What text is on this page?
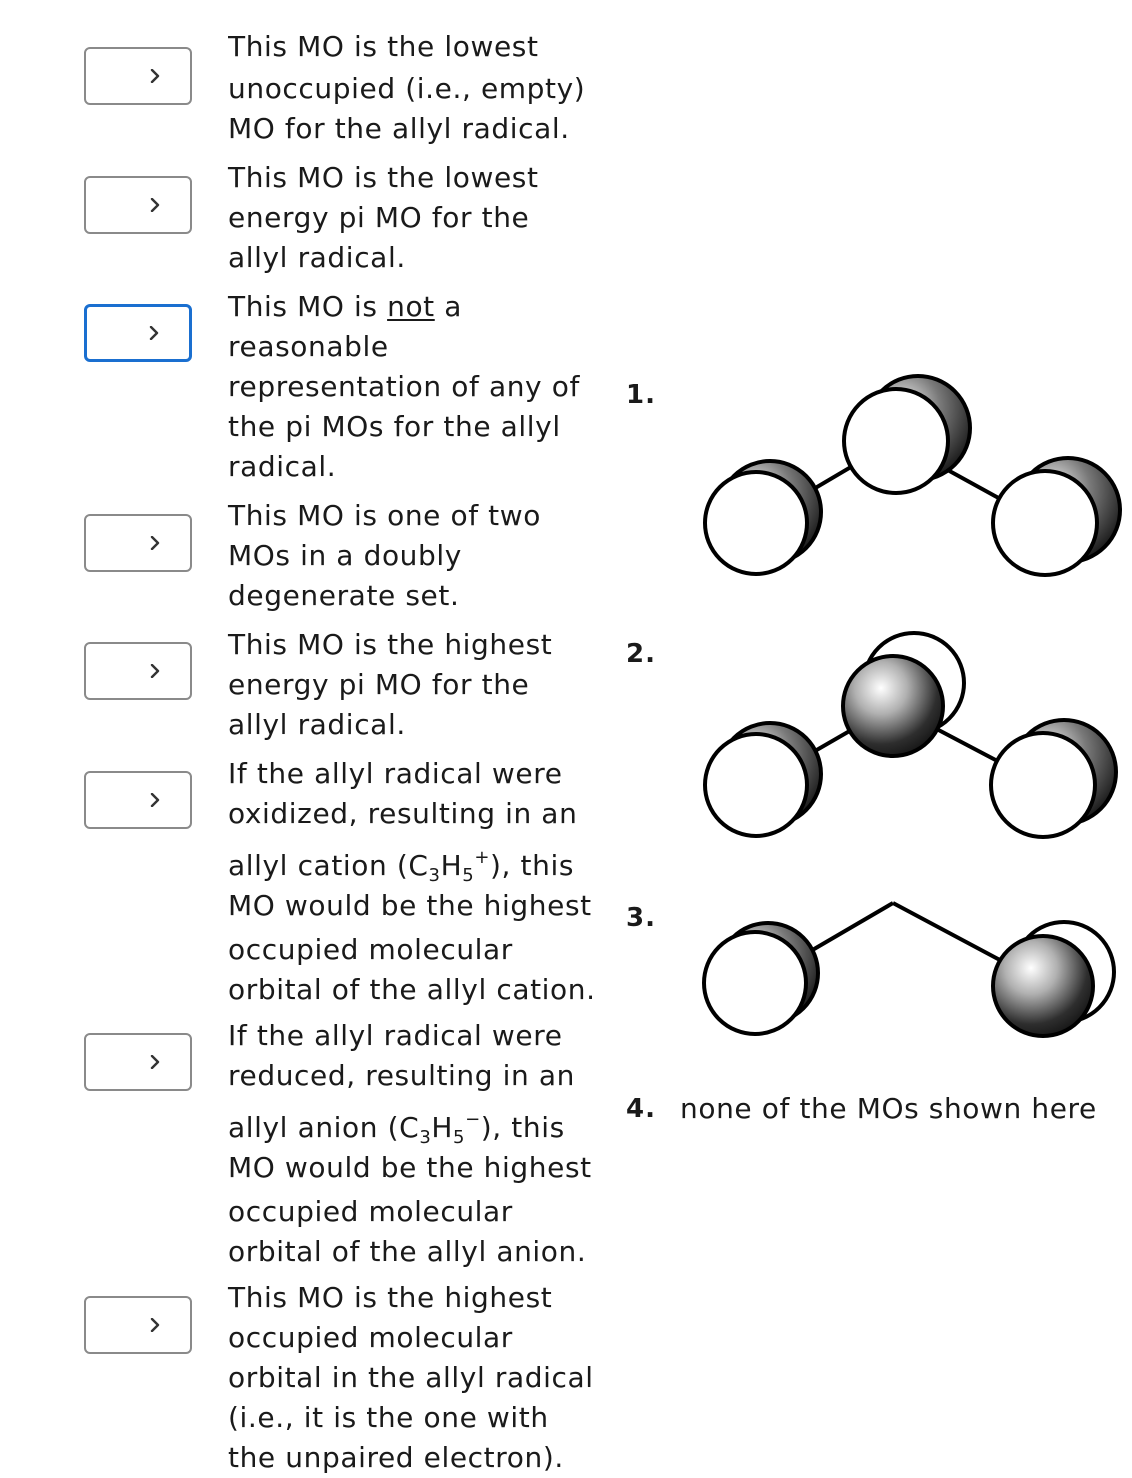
This MO is the lowest
unoccupied (i.e., empty)
MO for the allyl radical.
This MO is the lowest
energy pi MO for the
allyl radical.
This MO is not a
reasonable
representation of any of
the pi MOs for the allyl
radical.
This MO is one of two
MOs in a doubly
degenerate set.
This MO is the highest
energy pi MO for the
allyl radical.
If the allyl radical were
oxidized, resulting in an
allyl cation $(C_3H_5^+)$, this
MO would be the highest
occupied molecular
orbital of the allyl cation.
If the allyl radical were
reduced, resulting in an
allyl anion $(C_3H_5^-)$, this
MO would be the highest
occupied molecular
orbital of the allyl anion.
This MO is the highest
occupied molecular
orbital in the allyl radical
(i.e., it is the one with
the unpaired electron).
1.
2.
3.
4. none of the MOs shown here
